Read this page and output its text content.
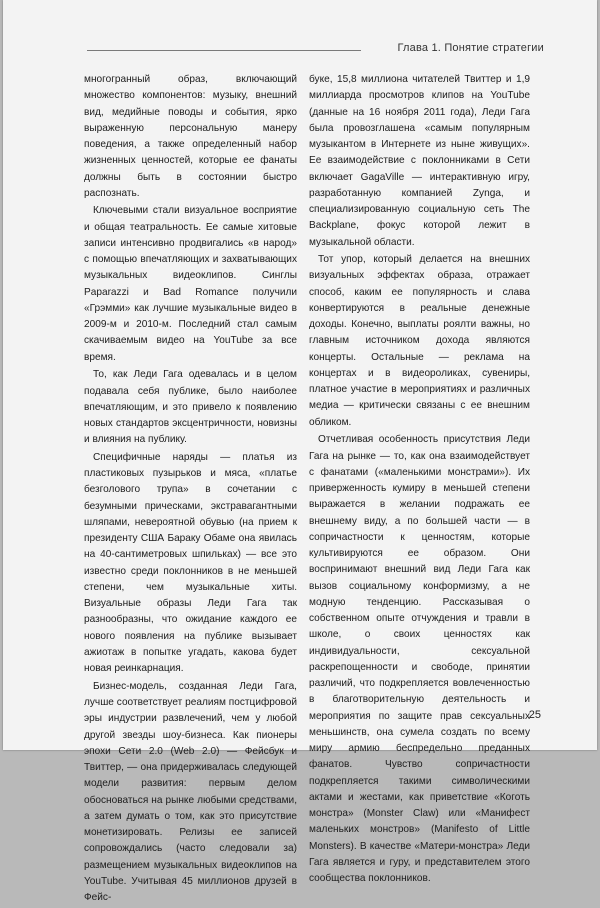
Глава 1. Понятие стратегии

многогранный образ, включающий множество компонентов: музыку, внешний вид, медийные поводы и события, ярко выраженную персональную манеру поведения, а также определенный набор жизненных ценностей, которые ее фанаты должны быть в состоянии быстро распознать.

Ключевыми стали визуальное восприятие и общая театральность. Ее самые хитовые записи интенсивно продвигались «в народ» с помощью впечатляющих и захватывающих музыкальных видеоклипов. Синглы Paparazzi и Bad Romance получили «Грэмми» как лучшие музыкальные видео в 2009-м и 2010-м. Последний стал самым скачиваемым видео на YouTube за все время.

То, как Леди Гага одевалась и в целом подавала себя публике, было наиболее впечатляющим, и это привело к появлению новых стандартов эксцентричности, новизны и влияния на публику.

Специфичные наряды — платья из пластиковых пузырьков и мяса, «платье безголового трупа» в сочетании с безумными прическами, экстравагантными шляпами, невероятной обувью (на прием к президенту США Бараку Обаме она явилась на 40-сантиметровых шпильках) — все это известно среди поклонников в не меньшей степени, чем музыкальные хиты. Визуальные образы Леди Гага так разнообразны, что ожидание каждого ее нового появления на публике вызывает ажиотаж в попытке угадать, какова будет новая реинкарнация.

Бизнес-модель, созданная Леди Гага, лучше соответствует реалиям постцифровой эры индустрии развлечений, чем у любой другой звезды шоу-бизнеса. Как пионеры эпохи Сети 2.0 (Web 2.0) — Фейсбук и Твиттер, — она придерживалась следующей модели развития: первым делом обосноваться на рынке любыми средствами, а затем думать о том, как это присутствие монетизировать. Релизы ее записей сопровождались (часто следовали за) размещением музыкальных видеоклипов на YouTube. Учитывая 45 миллионов друзей в Фейс-

буке, 15,8 миллиона читателей Твиттер и 1,9 миллиарда просмотров клипов на YouTube (данные на 16 ноября 2011 года), Леди Гага была провозглашена «самым популярным музыкантом в Интернете из ныне живущих». Ее взаимодействие с поклонниками в Сети включает GagaVille — интерактивную игру, разработанную компанией Zynga, и специализированную социальную сеть The Backplane, фокус которой лежит в музыкальной области.

Тот упор, который делается на внешних визуальных эффектах образа, отражает способ, каким ее популярность и слава конвертируются в реальные денежные доходы. Конечно, выплаты роялти важны, но главным источником дохода являются концерты. Остальные — реклама на концертах и в видеороликах, сувениры, платное участие в мероприятиях и различных медиа — критически связаны с ее внешним обликом.

Отчетливая особенность присутствия Леди Гага на рынке — то, как она взаимодействует с фанатами («маленькими монстрами»). Их приверженность кумиру в меньшей степени выражается в желании подражать ее внешнему виду, а по большей части — в сопричастности к ценностям, которые культивируются ее образом. Они воспринимают внешний вид Леди Гага как вызов социальному конформизму, а не модную тенденцию. Рассказывая о собственном опыте отчуждения и травли в школе, о своих ценностях как индивидуальности, сексуальной раскрепощенности и свободе, принятии различий, что подкрепляется вовлеченностью в благотворительную деятельность и мероприятия по защите прав сексуальных меньшинств, она сумела создать по всему миру армию беспредельно преданных фанатов. Чувство сопричастности подкрепляется такими символическими актами и жестами, как приветствие «Коготь монстра» (Monster Claw) или «Манифест маленьких монстров» (Manifesto of Little Monsters). В качестве «Матери-монстра» Леди Гага является и гуру, и представителем этого сообщества поклонников.

25
